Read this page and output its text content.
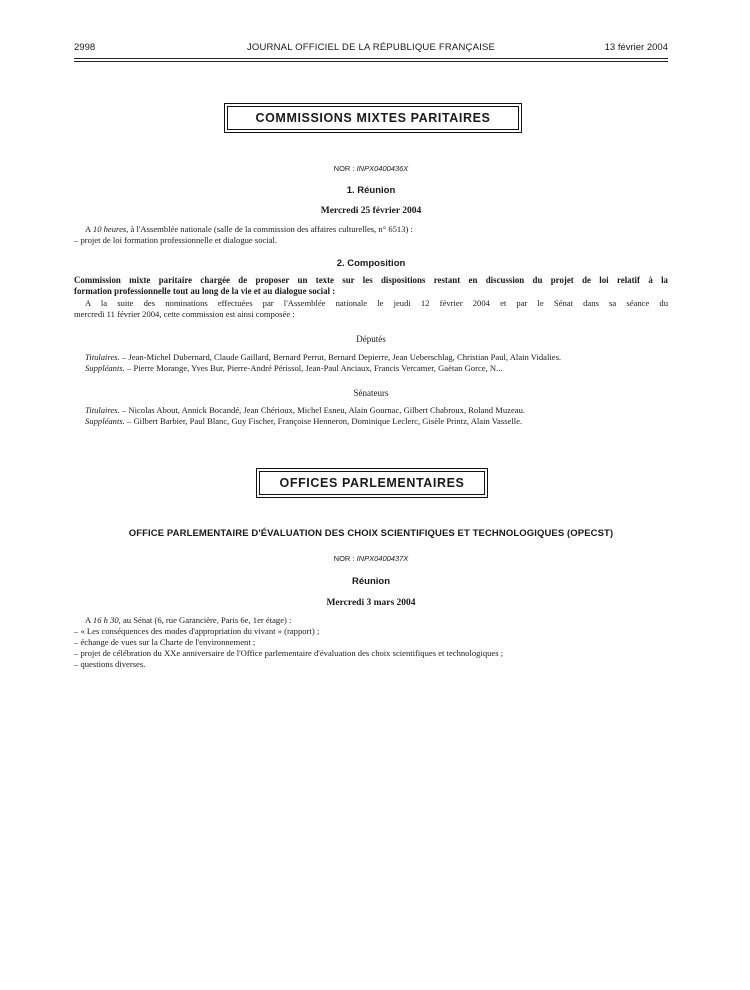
2998	JOURNAL OFFICIEL DE LA RÉPUBLIQUE FRANÇAISE	13 février 2004
COMMISSIONS MIXTES PARITAIRES
NOR : INPX0400436X
1. Réunion
Mercredi 25 février 2004
A 10 heures, à l'Assemblée nationale (salle de la commission des affaires culturelles, n° 6513) :
– projet de loi formation professionnelle et dialogue social.
2. Composition
Commission mixte paritaire chargée de proposer un texte sur les dispositions restant en discussion du projet de loi relatif à la
formation professionnelle tout au long de la vie et au dialogue social :
A la suite des nominations effectuées par l'Assemblée nationale le jeudi 12 février 2004 et par le Sénat dans sa séance du
mercredi 11 février 2004, cette commission est ainsi composée :
Députés
Titulaires. – Jean-Michel Dubernard, Claude Gaillard, Bernard Perrut, Bernard Depierre, Jean Ueberschlag, Christian Paul, Alain Vidalies.
Suppléants. – Pierre Morange, Yves Bur, Pierre-André Périssol, Jean-Paul Anciaux, Francis Vercamer, Gaëtan Gorce, N...
Sénateurs
Titulaires. – Nicolas About, Annick Bocandé, Jean Chérioux, Michel Esneu, Alain Gournac, Gilbert Chabroux, Roland Muzeau.
Suppléants. – Gilbert Barbier, Paul Blanc, Guy Fischer, Françoise Henneron, Dominique Leclerc, Gisèle Printz, Alain Vasselle.
OFFICES PARLEMENTAIRES
OFFICE PARLEMENTAIRE D'ÉVALUATION DES CHOIX SCIENTIFIQUES ET TECHNOLOGIQUES (OPECST)
NOR : INPX0400437X
Réunion
Mercredi 3 mars 2004
A 16 h 30, au Sénat (6, rue Garancière, Paris 6e, 1er étage) :
– « Les conséquences des modes d'appropriation du vivant » (rapport) ;
– échange de vues sur la Charte de l'environnement ;
– projet de célébration du XXe anniversaire de l'Office parlementaire d'évaluation des choix scientifiques et technologiques ;
– questions diverses.
